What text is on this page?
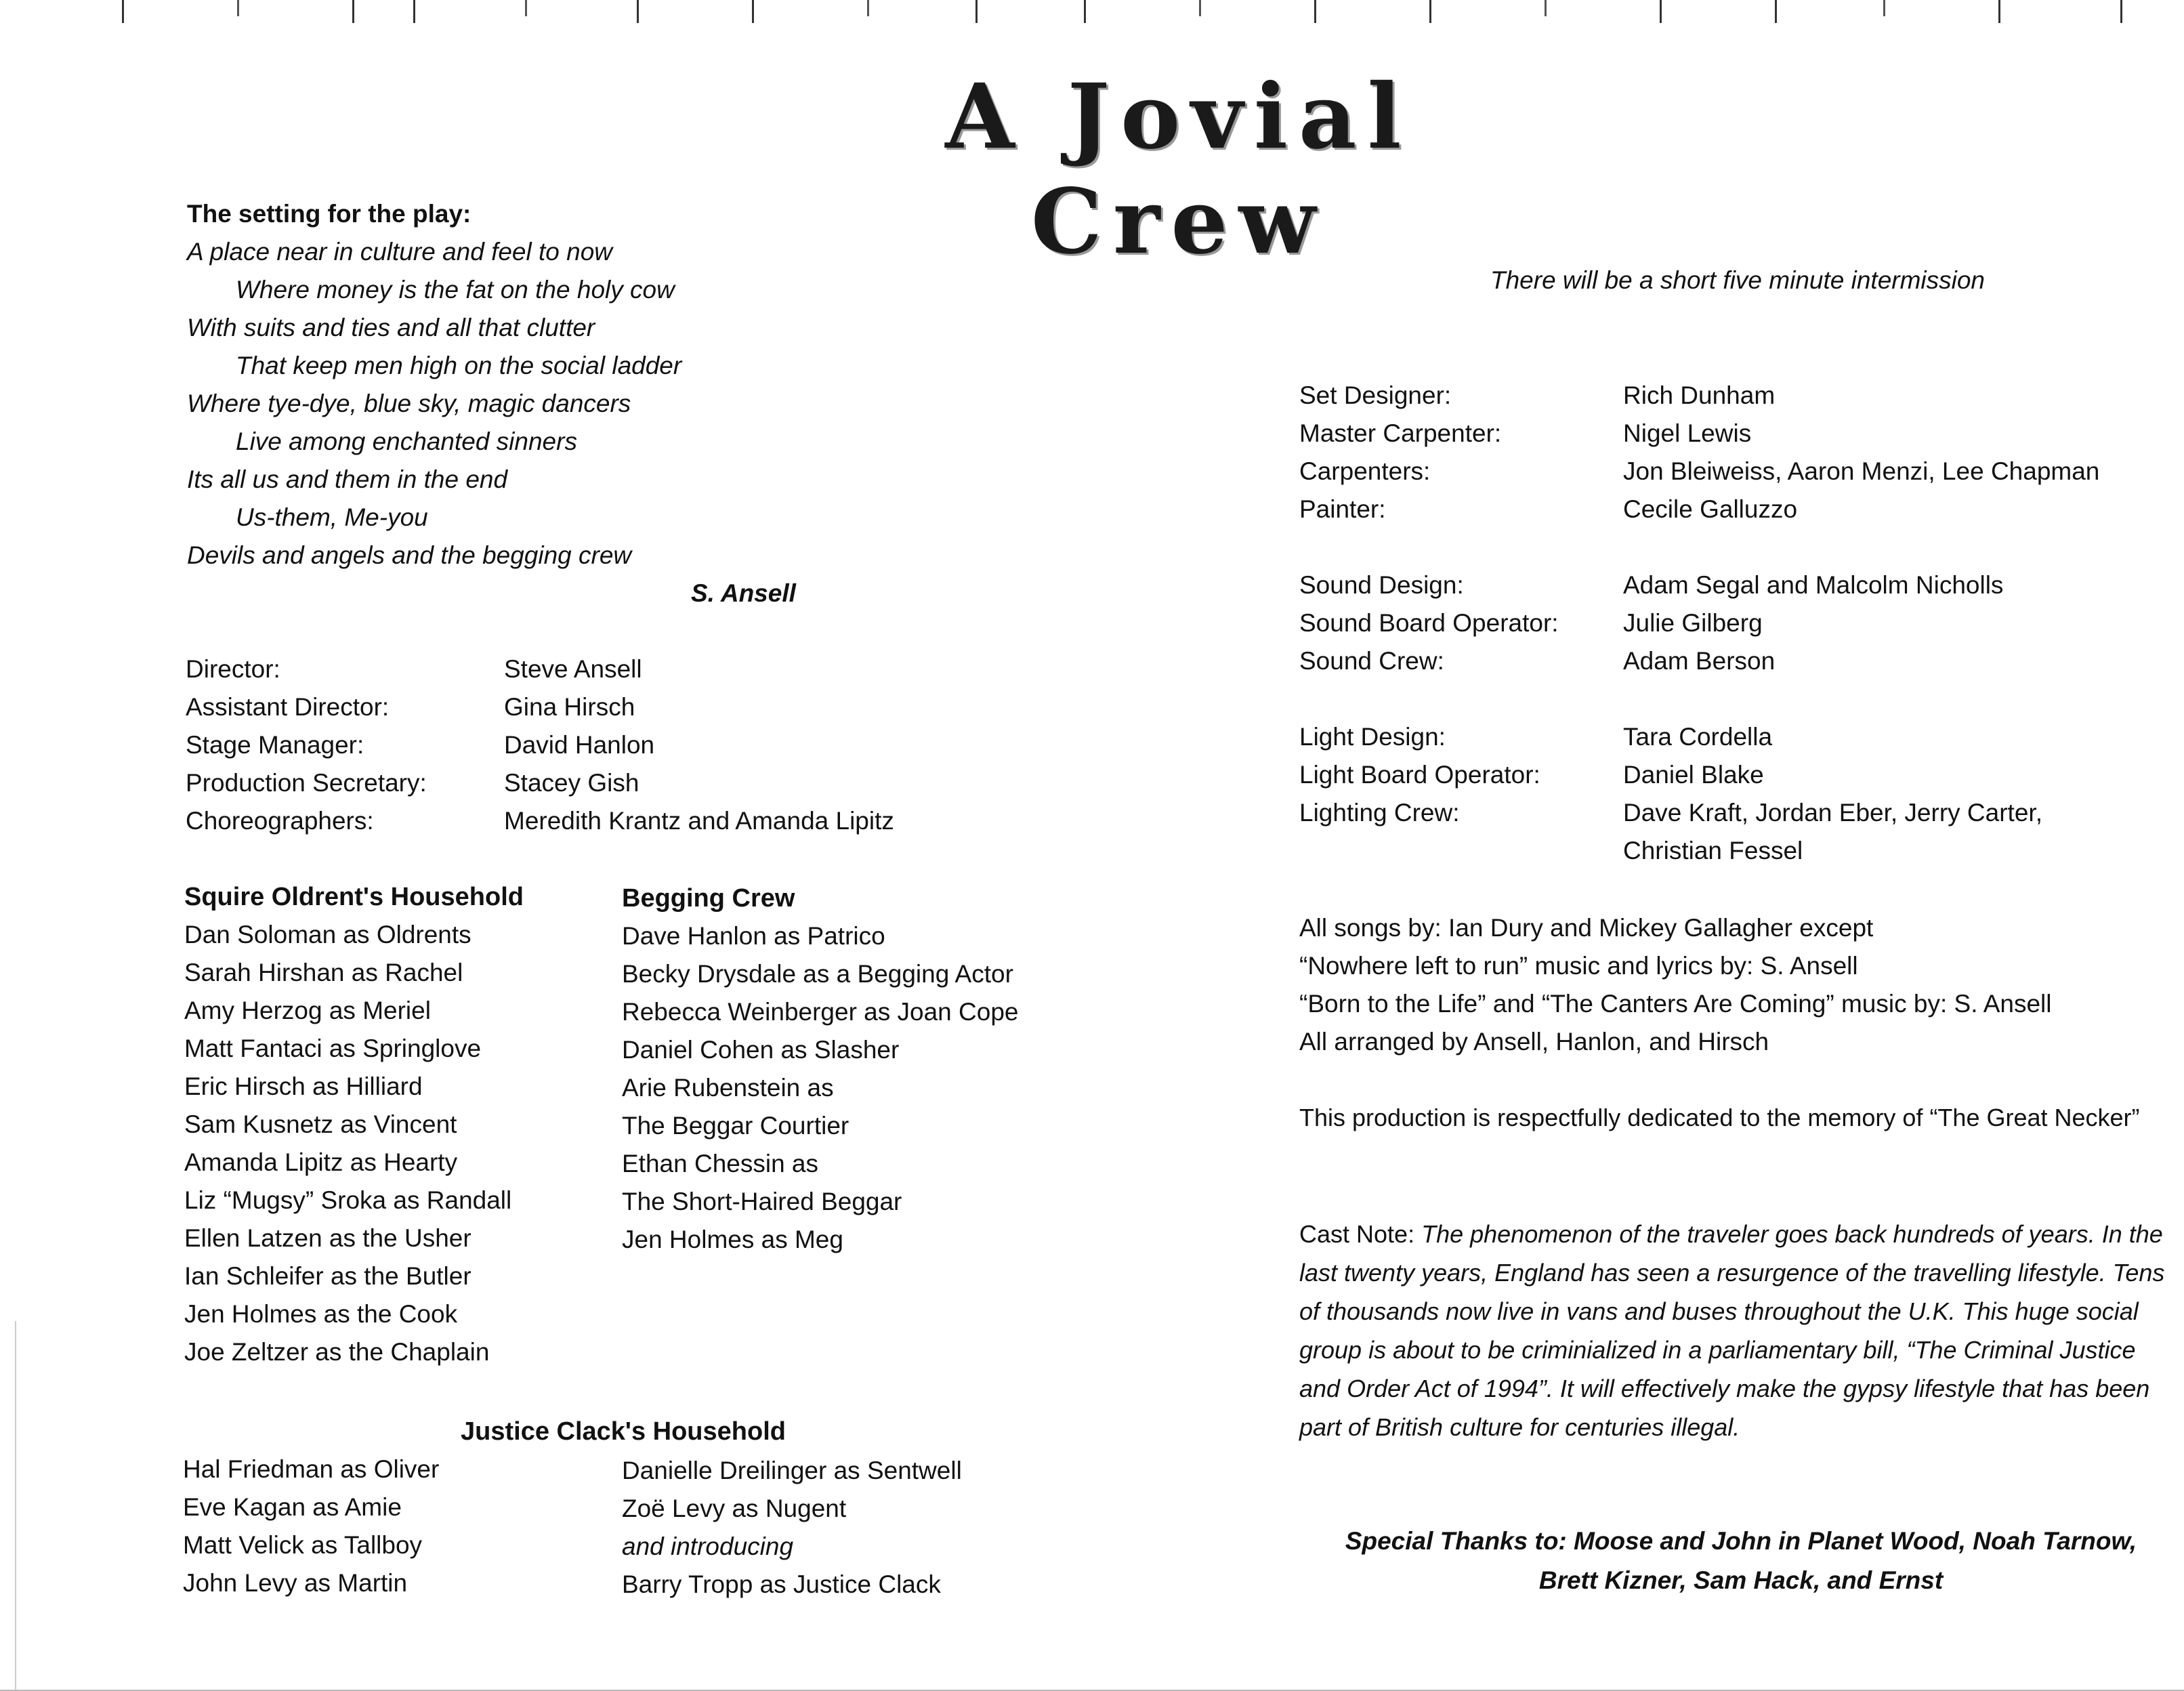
A Jovial Crew
The setting for the play:
A place near in culture and feel to now
Where money is the fat on the holy cow
With suits and ties and all that clutter
That keep men high on the social ladder
Where tye-dye, blue sky, magic dancers
Live among enchanted sinners
Its all us and them in the end
Us-them, Me-you
Devils and angels and the begging crew
S. Ansell
Director:	Steve Ansell
Assistant Director:	Gina Hirsch
Stage Manager:	David Hanlon
Production Secretary:	Stacey Gish
Choreographers:	Meredith Krantz and Amanda Lipitz
Squire Oldrent's Household
Dan Soloman as Oldrents
Sarah Hirshan as Rachel
Amy Herzog as Meriel
Matt Fantaci as Springlove
Eric Hirsch as Hilliard
Sam Kusnetz as Vincent
Amanda Lipitz as Hearty
Liz “Mugsy” Sroka as Randall
Ellen Latzen as the Usher
Ian Schleifer as the Butler
Jen Holmes as the Cook
Joe Zeltzer as the Chaplain
Begging Crew
Dave Hanlon as Patrico
Becky Drysdale as a Begging Actor
Rebecca Weinberger as Joan Cope
Daniel Cohen as Slasher
Arie Rubenstein as
The Beggar Courtier
Ethan Chessin as
The Short-Haired Beggar
Jen Holmes as Meg
Justice Clack's Household
Hal Friedman as Oliver
Eve Kagan as Amie
Matt Velick as Tallboy
John Levy as Martin
Danielle Dreilinger as Sentwell
Zoë Levy as Nugent
and introducing
Barry Tropp as Justice Clack
There will be a short five minute intermission
Set Designer:	Rich Dunham
Master Carpenter:	Nigel Lewis
Carpenters:	Jon Bleiweiss, Aaron Menzi, Lee Chapman
Painter:	Cecile Galluzzo
Sound Design:	Adam Segal and Malcolm Nicholls
Sound Board Operator:	Julie Gilberg
Sound Crew:	Adam Berson
Light Design:	Tara Cordella
Light Board Operator:	Daniel Blake
Lighting Crew:	Dave Kraft, Jordan Eber, Jerry Carter,
Christian Fessel
All songs by: Ian Dury and Mickey Gallagher except
“Nowhere left to run” music and lyrics by: S. Ansell
“Born to the Life” and “The Canters Are Coming” music by: S. Ansell
All arranged by Ansell, Hanlon, and Hirsch
This production is respectfully dedicated to the memory of “The Great Necker”
Cast Note: The phenomenon of the traveler goes back hundreds of years. In the
last twenty years, England has seen a resurgence of the travelling lifestyle. Tens
of thousands now live in vans and buses throughout the U.K. This huge social
group is about to be criminialized in a parliamentary bill, “The Criminal Justice
and Order Act of 1994”. It will effectively make the gypsy lifestyle that has been
part of British culture for centuries illegal.
Special Thanks to: Moose and John in Planet Wood, Noah Tarnow,
Brett Kizner, Sam Hack, and Ernst
